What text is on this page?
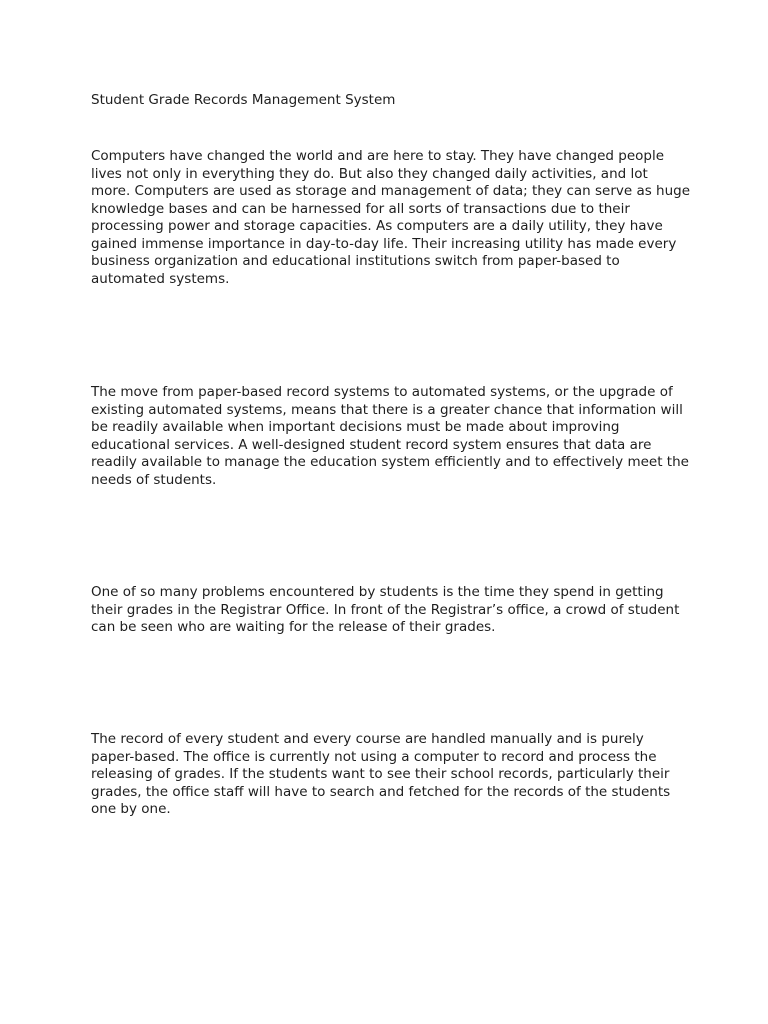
Student Grade Records Management System

Computers have changed the world and are here to stay. They have changed people lives not only in everything they do. But also they changed daily activities, and lot more. Computers are used as storage and management of data; they can serve as huge knowledge bases and can be harnessed for all sorts of transactions due to their processing power and storage capacities. As computers are a daily utility, they have gained immense importance in day-to-day life. Their increasing utility has made every business organization and educational institutions switch from paper-based to automated systems.

The move from paper-based record systems to automated systems, or the upgrade of existing automated systems, means that there is a greater chance that information will be readily available when important decisions must be made about improving educational services. A well-designed student record system ensures that data are readily available to manage the education system efficiently and to effectively meet the needs of students.

One of so many problems encountered by students is the time they spend in getting their grades in the Registrar Office. In front of the Registrar’s office, a crowd of student can be seen who are waiting for the release of their grades.

The record of every student and every course are handled manually and is purely paper-based. The office is currently not using a computer to record and process the releasing of grades. If the students want to see their school records, particularly their grades, the office staff will have to search and fetched for the records of the students one by one.
